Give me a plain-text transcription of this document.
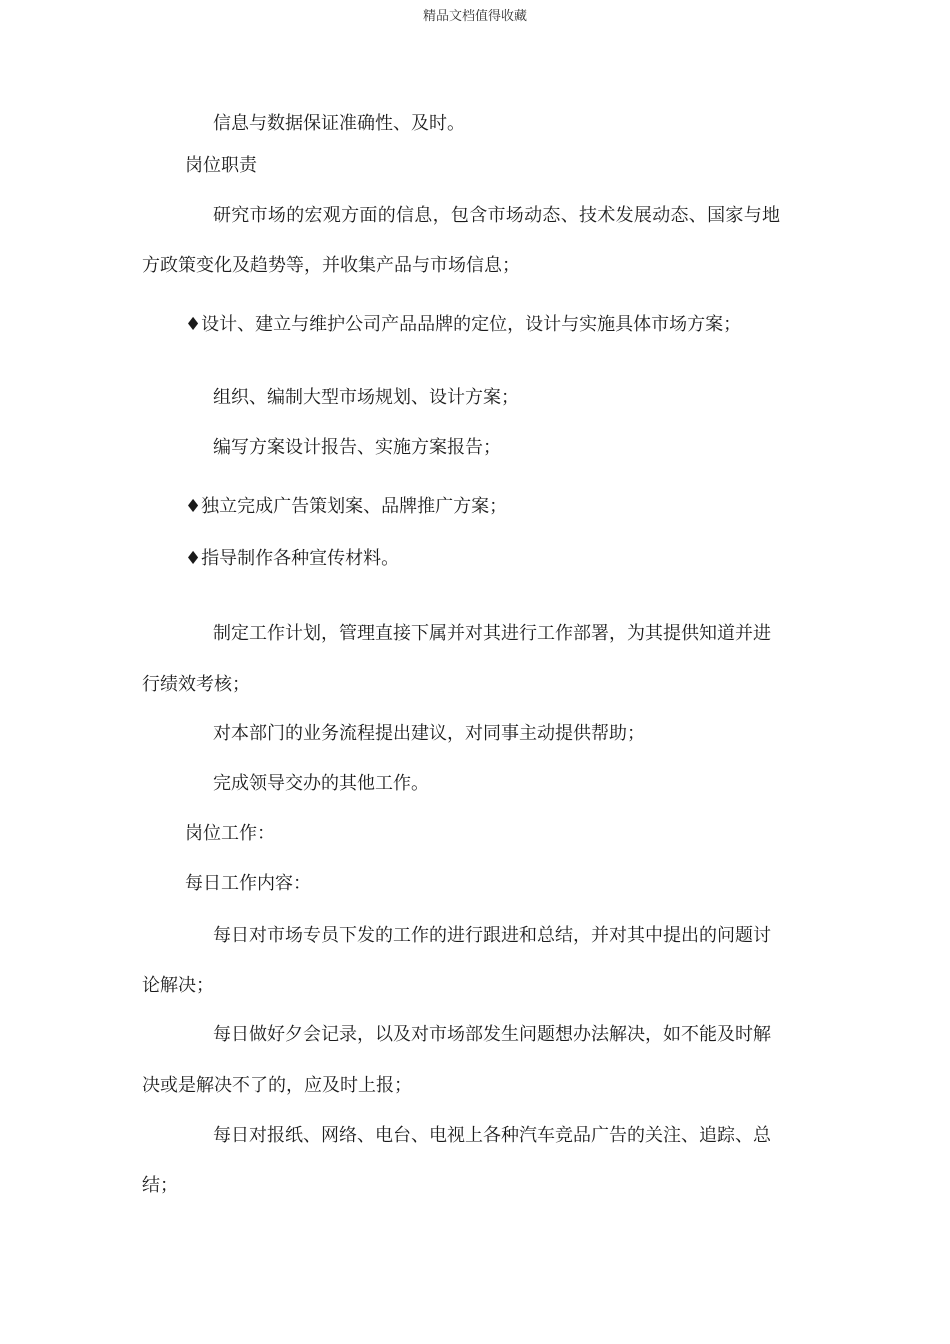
精品文档值得收藏
信息与数据保证准确性、及时。
岗位职责
研究市场的宏观方面的信息，包含市场动态、技术发展动态、国家与地
方政策变化及趋势等，并收集产品与市场信息；
♦设计、建立与维护公司产品品牌的定位，设计与实施具体市场方案；
组织、编制大型市场规划、设计方案；
编写方案设计报告、实施方案报告；
♦独立完成广告策划案、品牌推广方案；
♦指导制作各种宣传材料。
制定工作计划，管理直接下属并对其进行工作部署，为其提供知道并进
行绩效考核；
对本部门的业务流程提出建议，对同事主动提供帮助；
完成领导交办的其他工作。
岗位工作：
每日工作内容：
每日对市场专员下发的工作的进行跟进和总结，并对其中提出的问题讨
论解决；
每日做好夕会记录，以及对市场部发生问题想办法解决，如不能及时解
决或是解决不了的，应及时上报；
每日对报纸、网络、电台、电视上各种汽车竞品广告的关注、追踪、总
结；
